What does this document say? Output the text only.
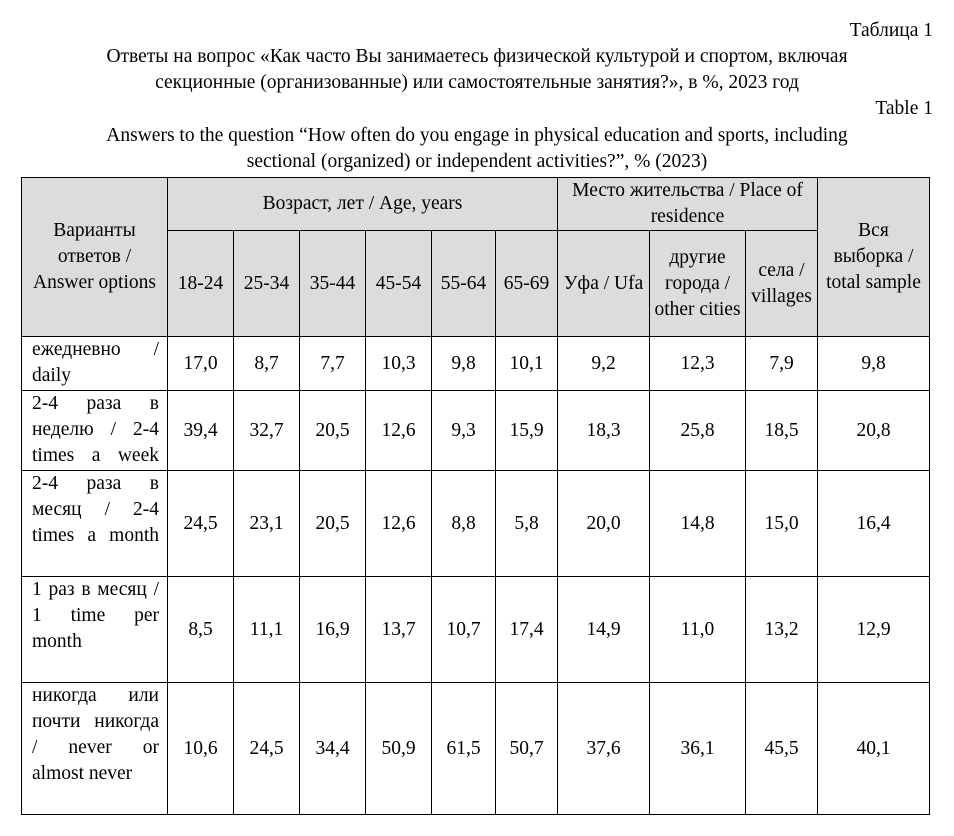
Таблица 1
Ответы на вопрос «Как часто Вы занимаетесь физической культурой и спортом, включая
секционные (организованные) или самостоятельные занятия?», в %, 2023 год
Table 1
Answers to the question “How often do you engage in physical education and sports, including
sectional (organized) or independent activities?”, % (2023)
Варианты ответов / Answer options	Возраст, лет / Age, years						Место жительства / Place of residence			Вся выборка / total sample
	18-24	25-34	35-44	45-54	55-64	65-69	Уфа / Ufa	другие города / other cities	села / villages	
ежедневно / daily	17,0	8,7	7,7	10,3	9,8	10,1	9,2	12,3	7,9	9,8
2-4 раза в неделю / 2-4 times a week	39,4	32,7	20,5	12,6	9,3	15,9	18,3	25,8	18,5	20,8
2-4 раза в месяц / 2-4 times a month	24,5	23,1	20,5	12,6	8,8	5,8	20,0	14,8	15,0	16,4
1 раз в месяц / 1 time per month	8,5	11,1	16,9	13,7	10,7	17,4	14,9	11,0	13,2	12,9
никогда или почти никогда / never or almost never	10,6	24,5	34,4	50,9	61,5	50,7	37,6	36,1	45,5	40,1
